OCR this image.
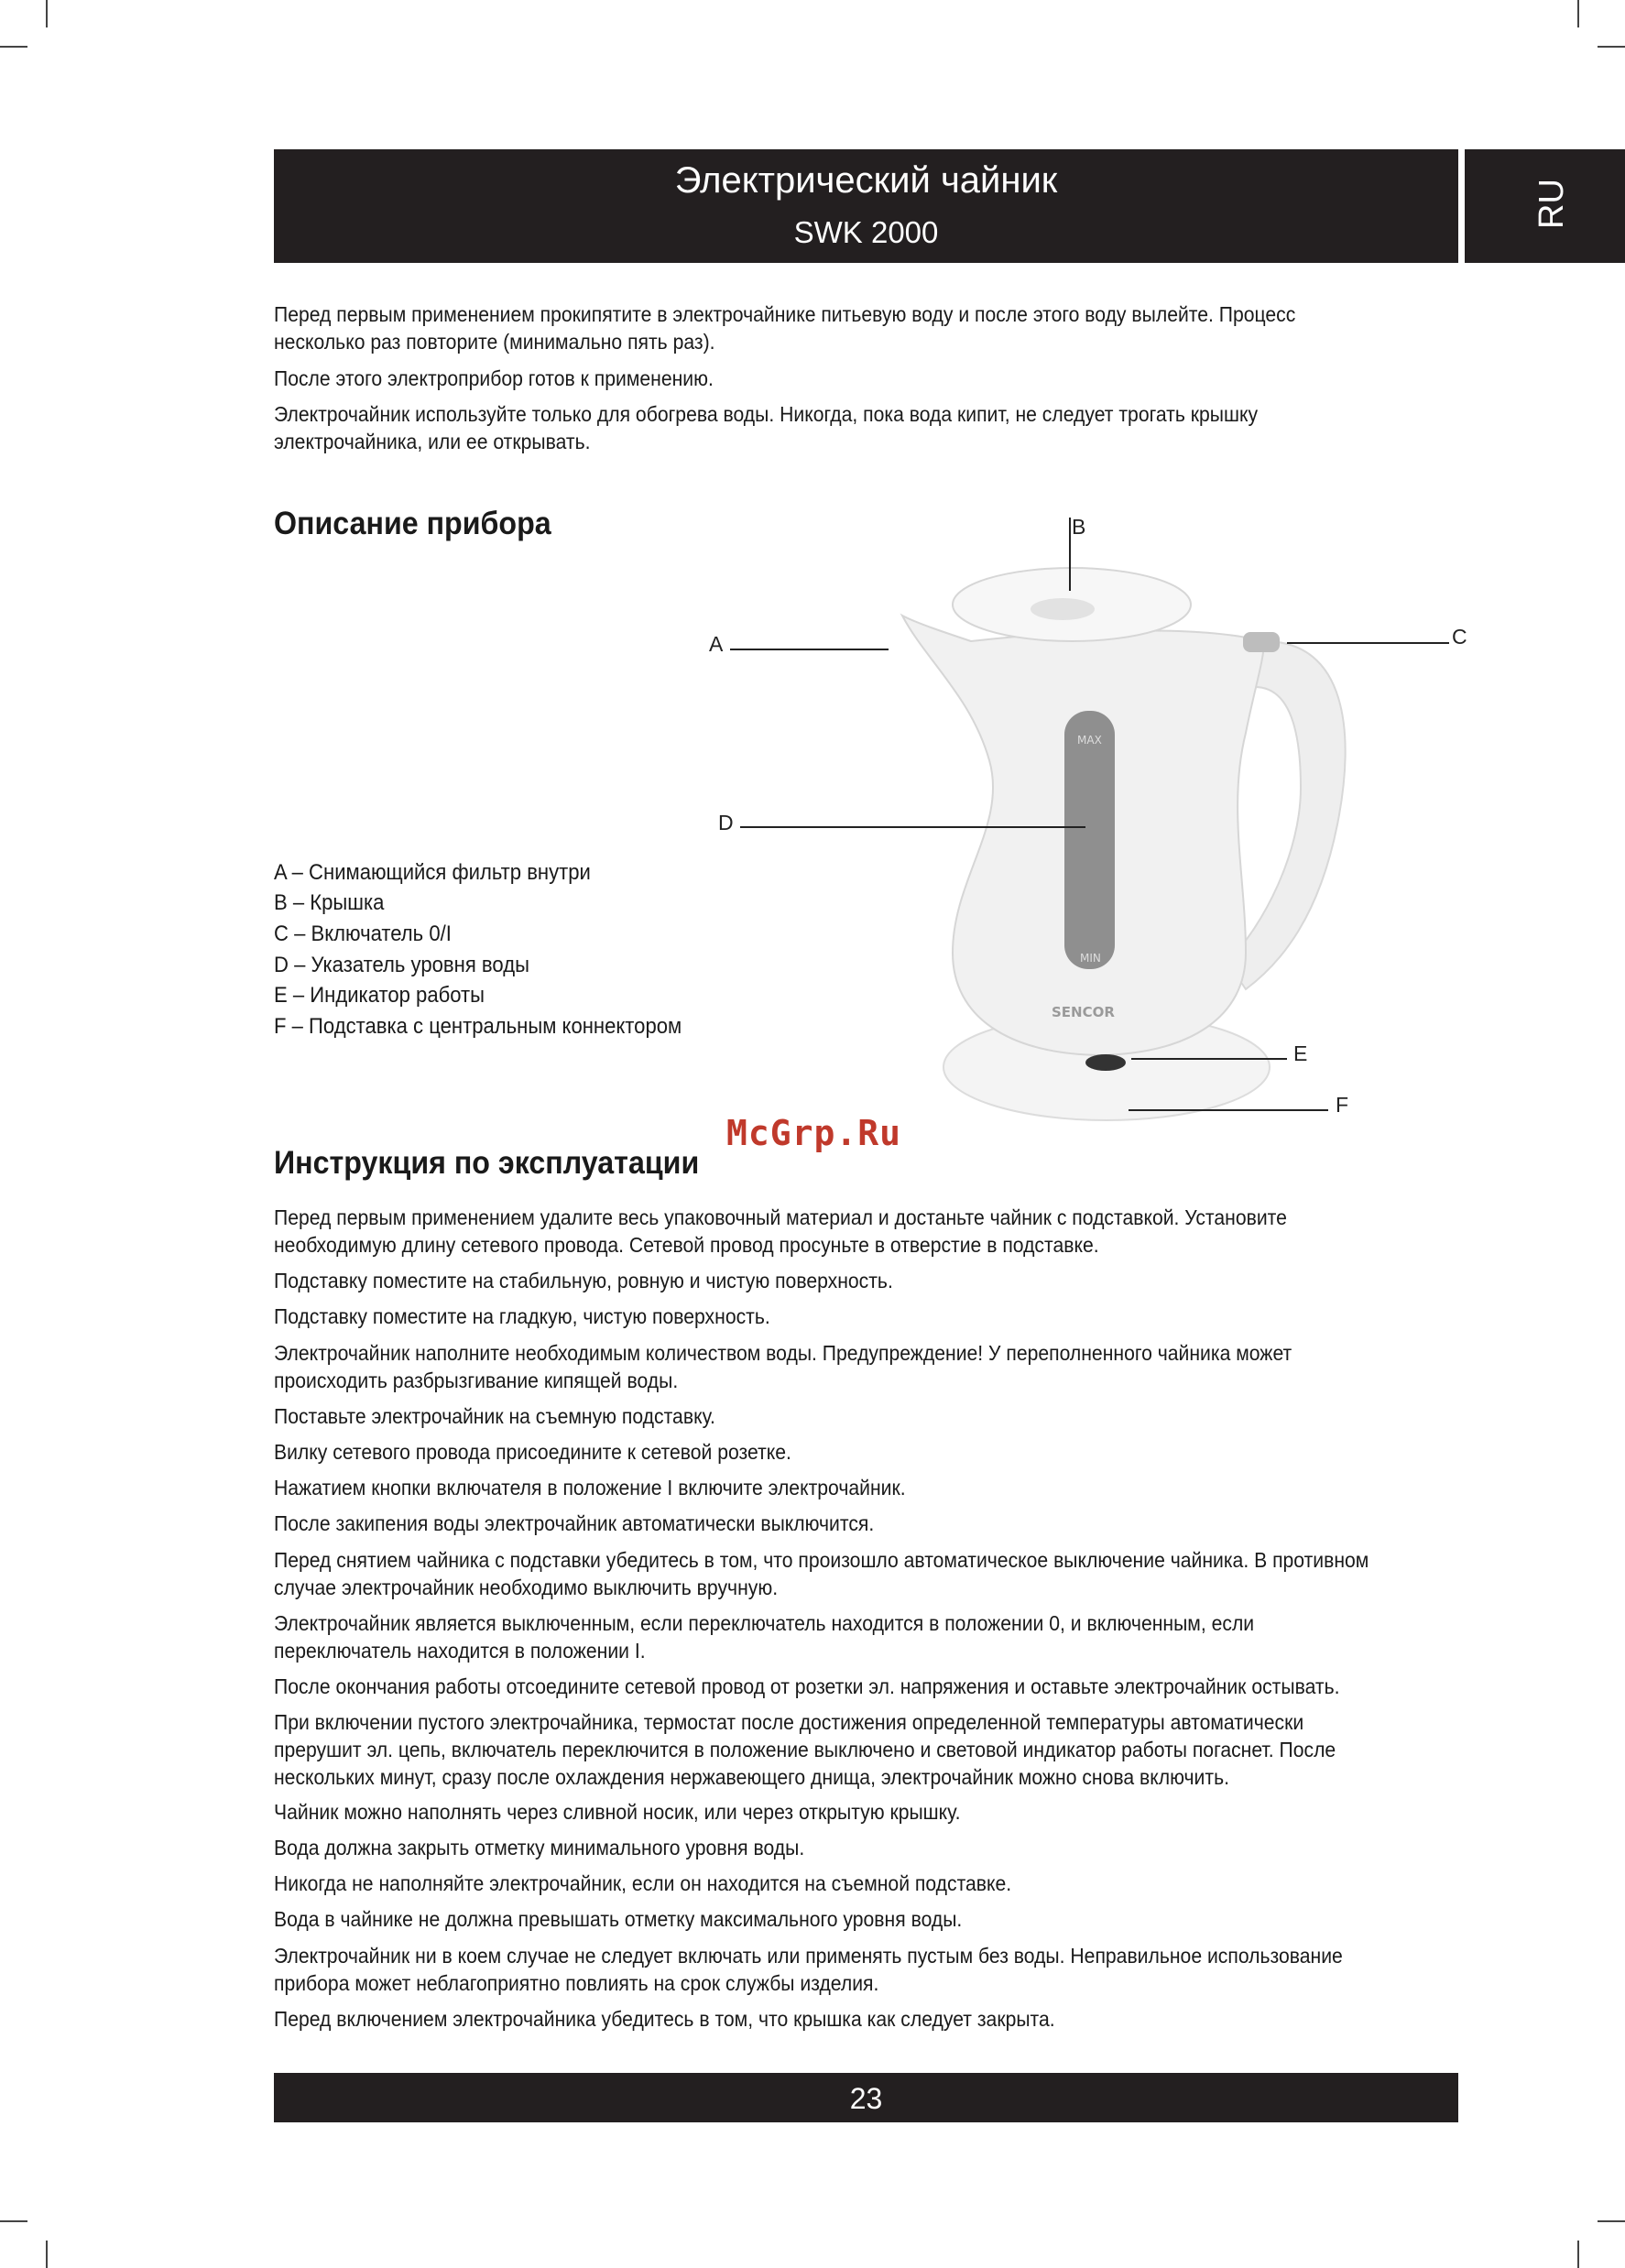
Электрический чайник
SWK 2000
RU

Перед первым применением прокипятите в электрочайнике питьевую воду и после этого воду вылейте. Процесс несколько раз повторите (минимально пять раз).

После этого электроприбор готов к применению.

Электрочайник используйте только для обогрева воды. Никогда, пока вода кипит, не следует трогать крышку электрочайника, или ее открывать.

Описание прибора
MAX
MIN
SENCOR
A
B
C
D
E
F

A – Снимающийся фильтр внутри

B – Крышка

C – Включатель 0/I

D – Указатель уровня воды

E – Индикатор работы

F – Подставка с центральным коннектором

McGrp.Ru
Инструкция по эксплуатации

Перед первым применением удалите весь упаковочный материал и достаньте чайник с подставкой. Установите необходимую длину сетевого провода. Сетевой провод просуньте в отверстие в подставке.

Подставку поместите на стабильную, ровную и чистую поверхность.

Подставку поместите на гладкую, чистую поверхность.

Электрочайник наполните необходимым количеством воды. Предупреждение! У переполненного чайника может происходить разбрызгивание кипящей воды.

Поставьте электрочайник на съемную подставку.

Вилку сетевого провода присоедините к сетевой розетке.

Нажатием кнопки включателя в положение I включите электрочайник.

После закипения воды электрочайник автоматически выключится.

Перед снятием чайника с подставки убедитесь в том, что произошло автоматическое выключение чайника. В противном случае электрочайник необходимо выключить вручную.

Электрочайник является выключенным, если переключатель находится в положении 0, и включенным, если переключатель находится в положении I.

После окончания работы отсоедините сетевой провод от розетки эл. напряжения и оставьте электрочайник остывать.

При включении пустого электрочайника, термостат после достижения определенной температуры автоматически прерушит эл. цепь, включатель переключится в положение выключено и световой индикатор работы погаснет. После нескольких минут, сразу после охлаждения нержавеющего днища, электрочайник можно снова включить.

Чайник можно наполнять через сливной носик, или через открытую крышку.

Вода должна закрыть отметку минимального уровня воды.

Никогда не наполняйте электрочайник, если он находится на съемной подставке.

Вода в чайнике не должна превышать отметку максимального уровня воды.

Электрочайник ни в коем случае не следует включать или применять пустым без воды. Неправильное использование прибора может неблагоприятно повлиять на срок службы изделия.

Перед включением электрочайника убедитесь в том, что крышка как следует закрыта.

23
